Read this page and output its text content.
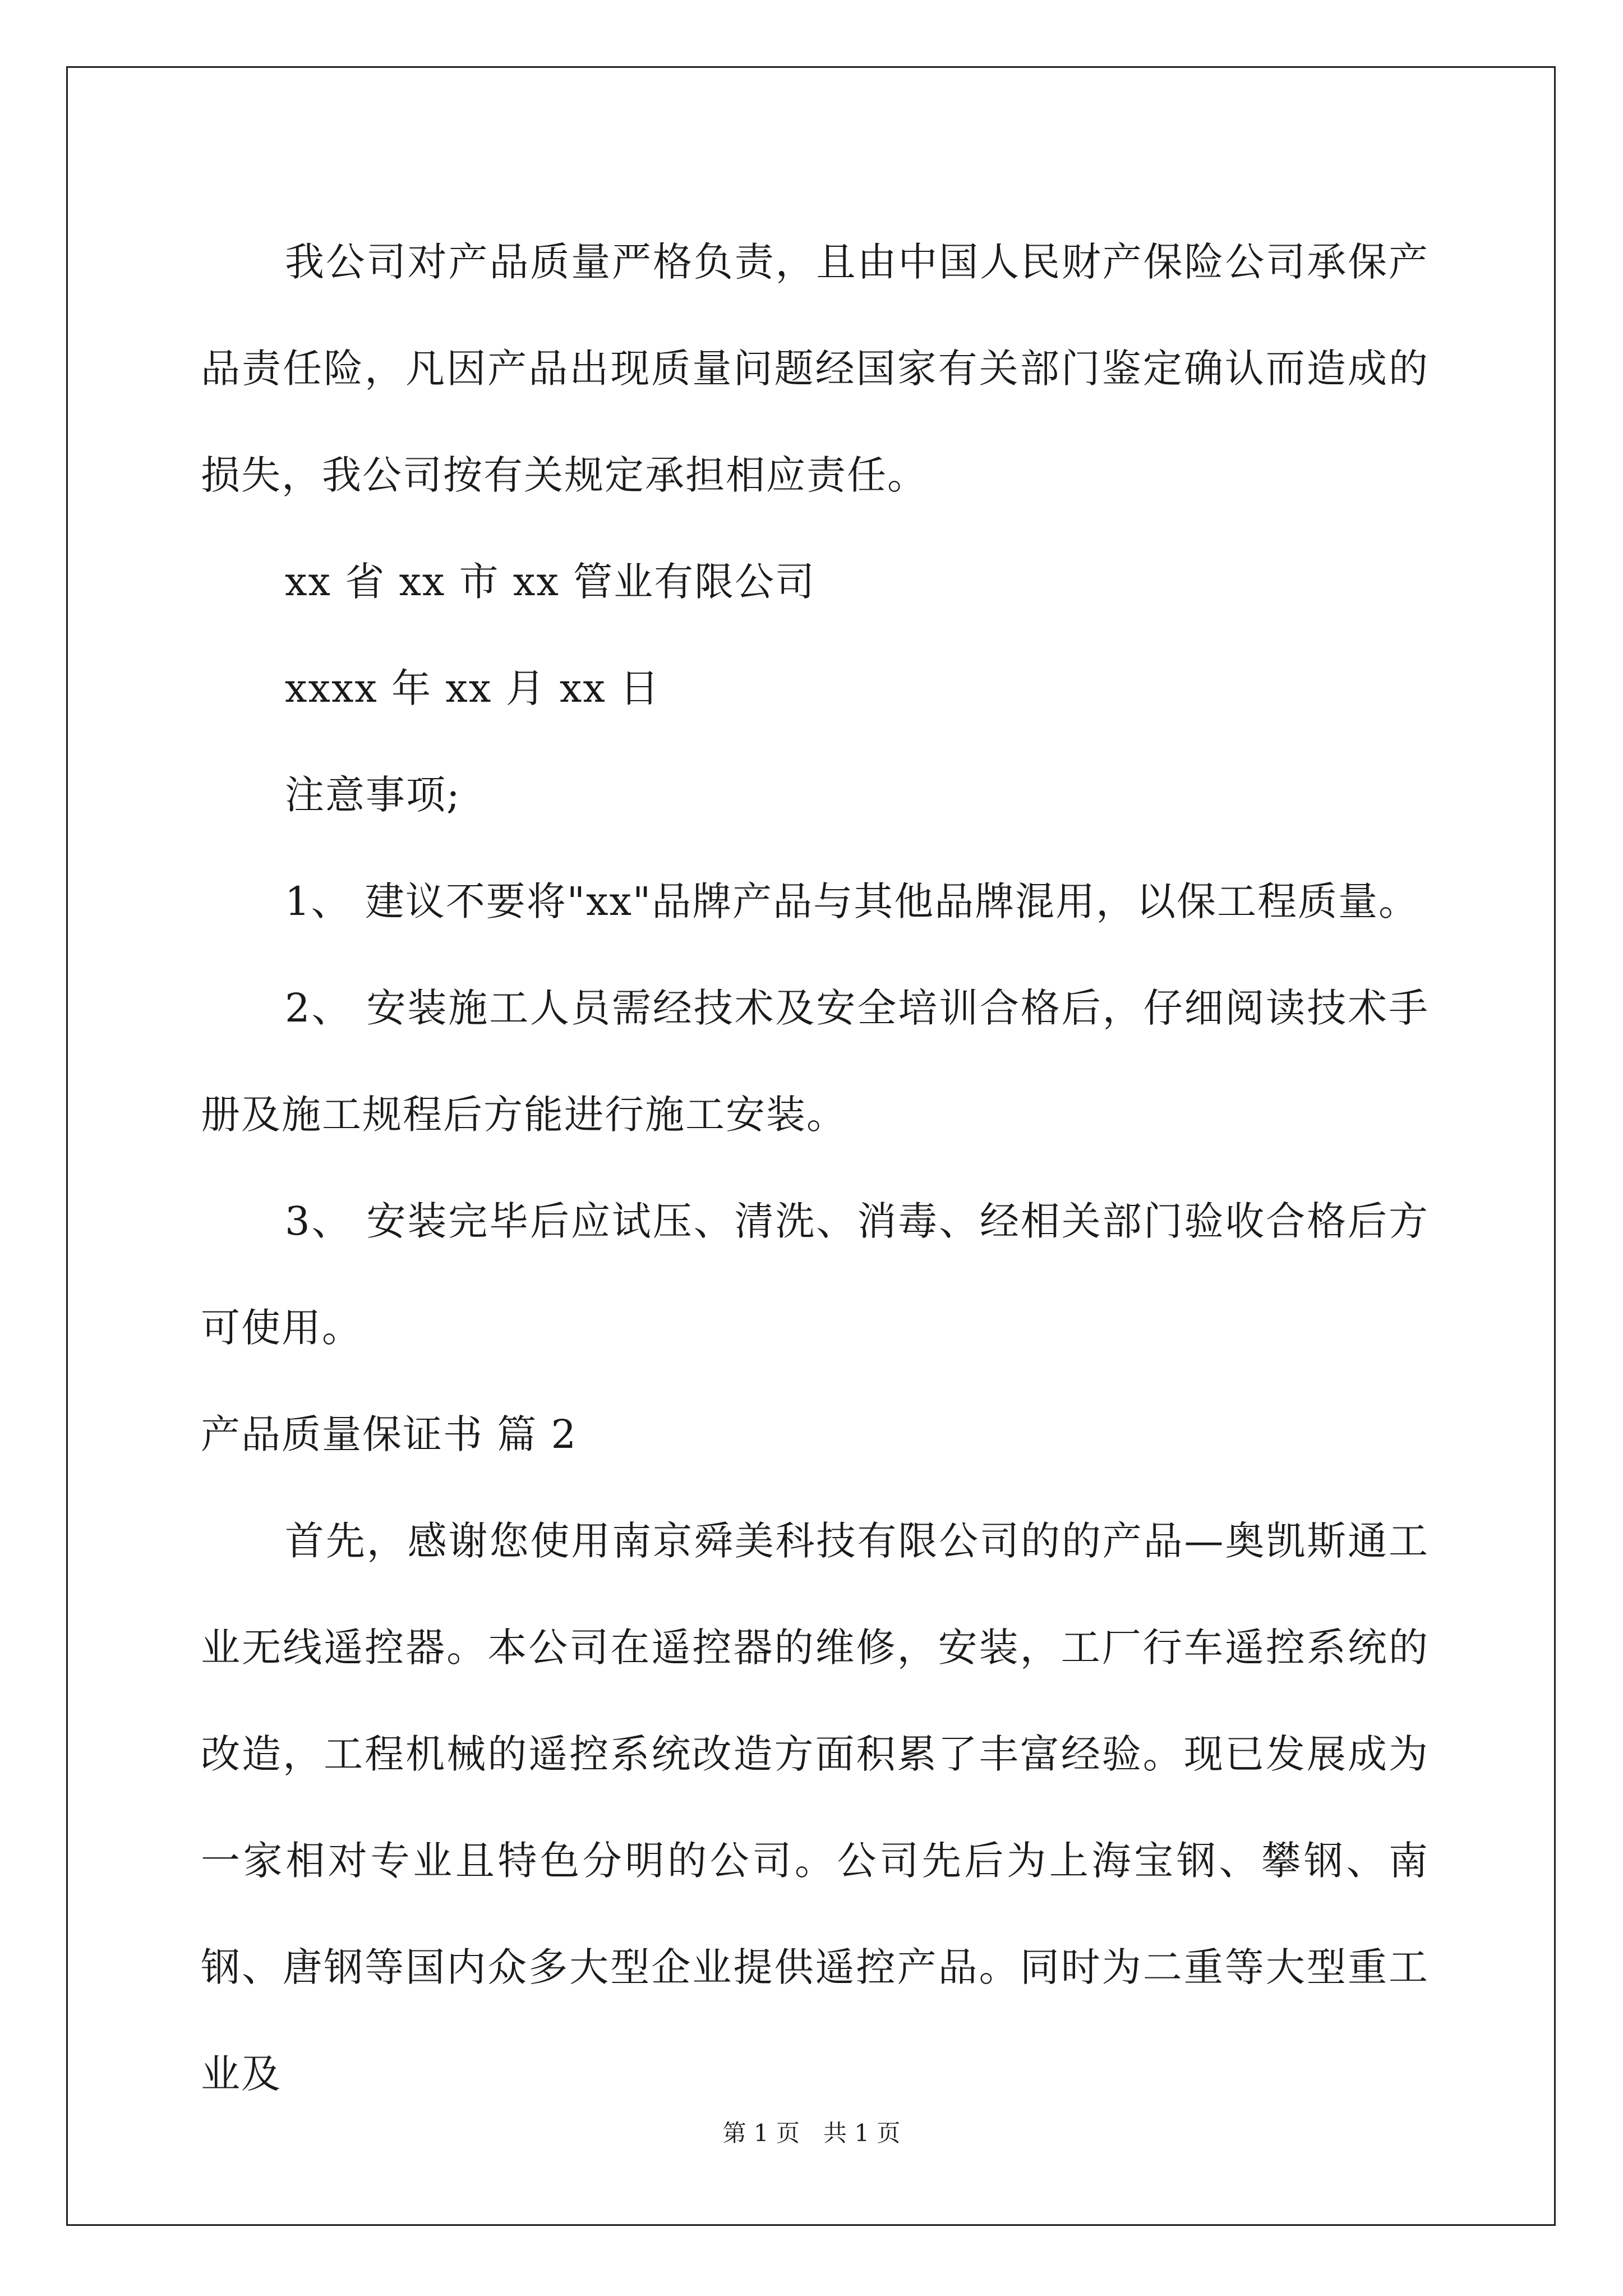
我公司对产品质量严格负责，且由中国人民财产保险公司承保产品责任险，凡因产品出现质量问题经国家有关部门鉴定确认而造成的损失，我公司按有关规定承担相应责任。

xx 省 xx 市 xx 管业有限公司

xxxx 年 xx 月 xx 日

注意事项;

1、 建议不要将"xx"品牌产品与其他品牌混用，以保工程质量。

2、 安装施工人员需经技术及安全培训合格后，仔细阅读技术手册及施工规程后方能进行施工安装。

3、 安装完毕后应试压、清洗、消毒、经相关部门验收合格后方可使用。

产品质量保证书 篇 2

首先，感谢您使用南京舜美科技有限公司的的产品—奥凯斯通工业无线遥控器。本公司在遥控器的维修，安装，工厂行车遥控系统的改造，工程机械的遥控系统改造方面积累了丰富经验。现已发展成为一家相对专业且特色分明的公司。公司先后为上海宝钢、攀钢、南钢、唐钢等国内众多大型企业提供遥控产品。同时为二重等大型重工业及

第 1 页　共 1 页
